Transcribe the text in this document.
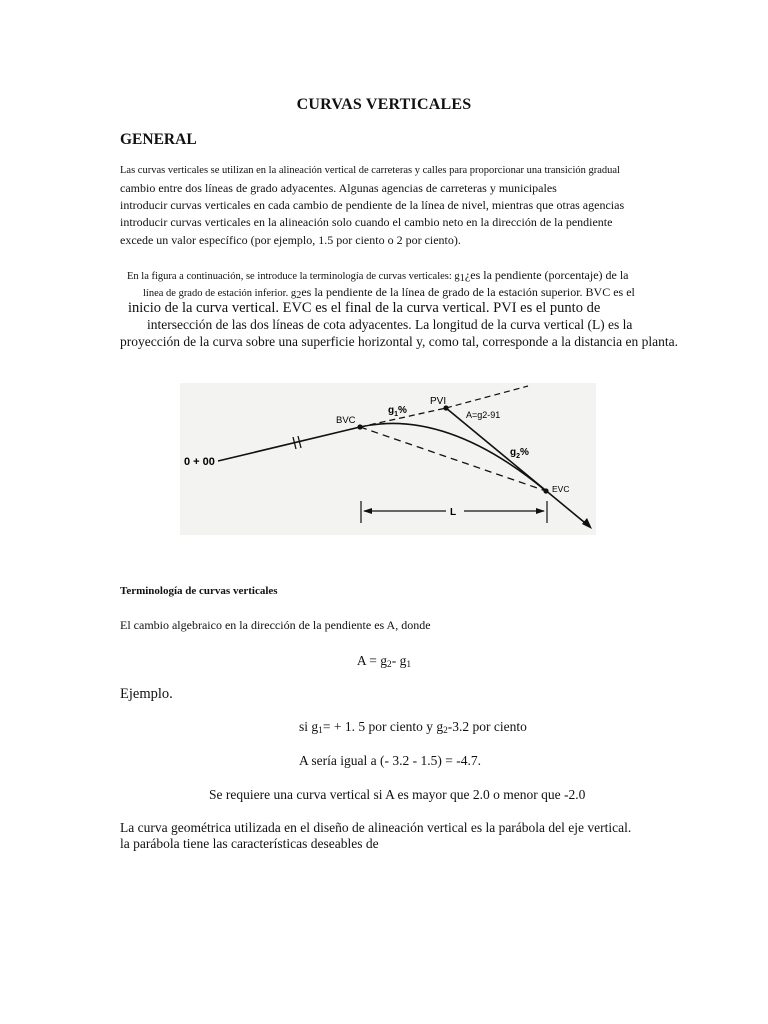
CURVAS VERTICALES
GENERAL
Las curvas verticales se utilizan en la alineación vertical de carreteras y calles para proporcionar una transición gradual
cambio entre dos líneas de grado adyacentes. Algunas agencias de carreteras y municipales
introducir curvas verticales en cada cambio de pendiente de la línea de nivel, mientras que otras agencias
introducir curvas verticales en la alineación solo cuando el cambio neto en la dirección de la pendiente
excede un valor específico (por ejemplo, 1.5 por ciento o 2 por ciento).
En la figura a continuación, se introduce la terminología de curvas verticales: $g_1¿es$ la pendiente (porcentaje) de la
línea de grado de estación inferior. $g_2es$ la pendiente de la línea de grado de la estación superior. BVC es el
inicio de la curva vertical. EVC es el final de la curva vertical. PVI es el punto de
intersección de las dos líneas de cota adyacentes. La longitud de la curva vertical (L) es la
proyección de la curva sobre una superficie horizontal y, como tal, corresponde a la distancia en planta.
0 + 00
BVC
PVI
EVC
A=g2-91
$g_1\%$
$g_2\%$
L
Terminología de curvas verticales
El cambio algebraico en la dirección de la pendiente es A, donde
$A = g_2-$ $g_1$
Ejemplo.
si $g_1= + 1$. 5 por ciento y $g_2-3.2$ por ciento
A sería igual a (- 3.2 - 1.5) = -4.7.
Se requiere una curva vertical si A es mayor que 2.0 o menor que -2.0
La curva geométrica utilizada en el diseño de alineación vertical es la parábola del eje vertical.
la parábola tiene las características deseables de
